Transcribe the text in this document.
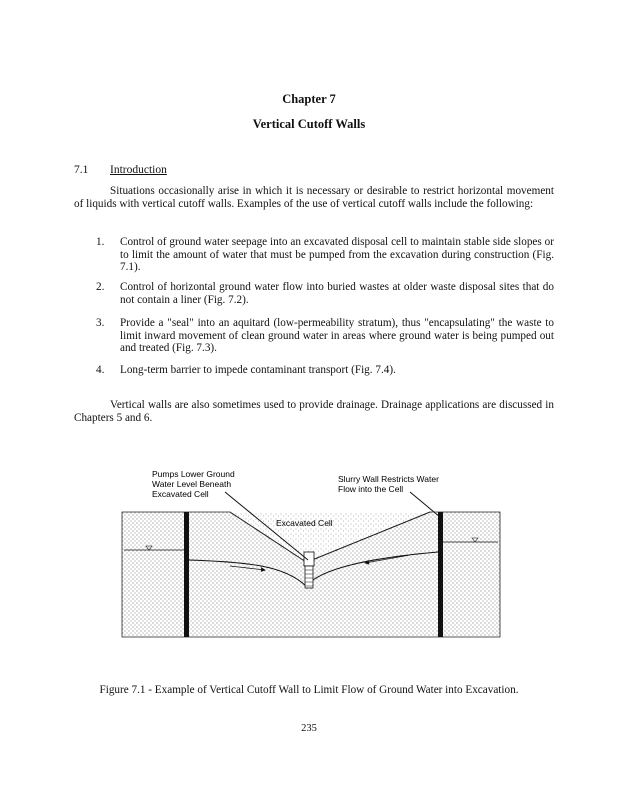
Chapter 7
Vertical Cutoff Walls
7.1 Introduction
Situations occasionally arise in which it is necessary or desirable to restrict horizontal movement of liquids with vertical cutoff walls. Examples of the use of vertical cutoff walls include the following:
1.	Control of ground water seepage into an excavated disposal cell to maintain stable side slopes or to limit the amount of water that must be pumped from the excavation during construction (Fig. 7.1).
2.	Control of horizontal ground water flow into buried wastes at older waste disposal sites that do not contain a liner (Fig. 7.2).
3.	Provide a "seal" into an aquitard (low-permeability stratum), thus "encapsulating" the waste to limit inward movement of clean ground water in areas where ground water is being pumped out and treated (Fig. 7.3).
4.	Long-term barrier to impede contaminant transport (Fig. 7.4).
Vertical walls are also sometimes used to provide drainage. Drainage applications are discussed in Chapters 5 and 6.
Pumps Lower Ground
Water Level Beneath
Excavated Cell
Slurry Wall Restricts Water
Flow into the Cell
Excavated Cell
Figure 7.1 - Example of Vertical Cutoff Wall to Limit Flow of Ground Water into Excavation.
235
